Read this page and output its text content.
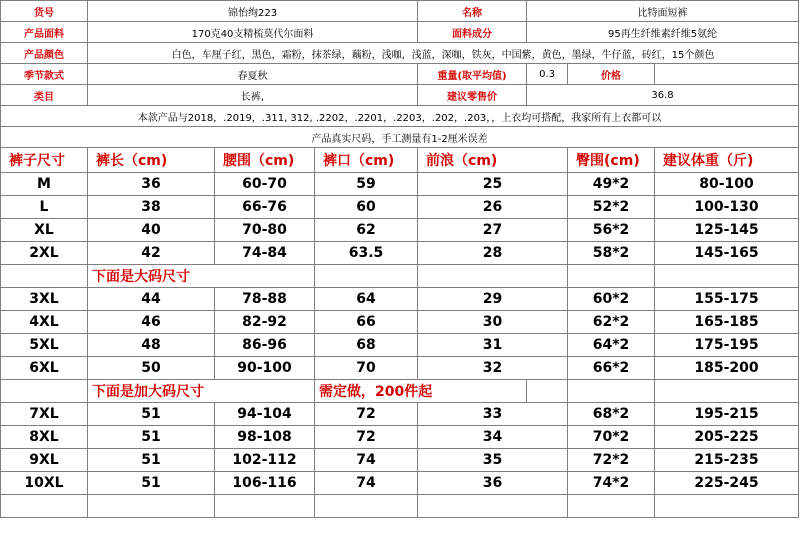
货号	锦怡绚223			名称	比特面短裤		
产品面料	170克40支精梳莫代尔面料			面料成分	95再生纤维素纤维5氨纶		
产品颜色	白色，车厘子红，黑色，霜粉，抹茶绿，藕粉，浅咖，浅蓝，深咖，铁灰，中国紫，黄色，墨绿，牛仔蓝，砖红，15个颜色						
季节款式	春夏秋			重量(取平均值)	0.3	价格	
类目	长裤,			建议零售价	36.8		
本款产品与2018，.2019，.311, 312, .2202，.2201，.2203，.202，.203，，上衣均可搭配，我家所有上衣都可以							
产品真实尺码，手工测量有1-2厘米误差							
裤子尺寸	裤长（cm)	腰围（cm)	裤口（cm)	前浪（cm)		臀围(cm)	建议体重（斤)
M	36	60-70	59	25		49*2	80-100
L	38	66-76	60	26		52*2	100-130
XL	40	70-80	62	27		56*2	125-145
2XL	42	74-84	63.5	28		58*2	145-165
	下面是大码尺寸						
3XL	44	78-88	64	29		60*2	155-175
4XL	46	82-92	66	30		62*2	165-185
5XL	48	86-96	68	31		64*2	175-195
6XL	50	90-100	70	32		66*2	185-200
	下面是加大码尺寸		需定做，200件起				
7XL	51	94-104	72	33		68*2	195-215
8XL	51	98-108	72	34		70*2	205-225
9XL	51	102-112	74	35		72*2	215-235
10XL	51	106-116	74	36		74*2	225-245
